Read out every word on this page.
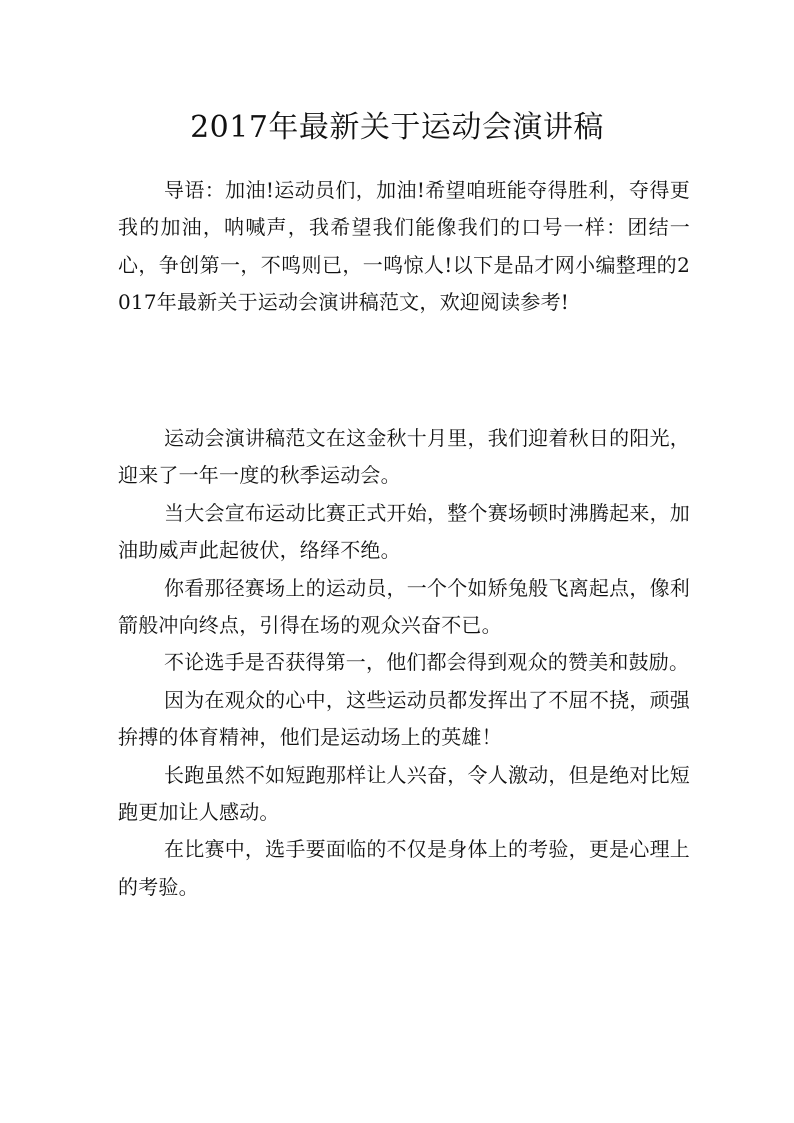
2017年最新关于运动会演讲稿

导语：加油!运动员们，加油!希望咱班能夺得胜利，夺得更我的加油，呐喊声，我希望我们能像我们的口号一样：团结一心，争创第一，不鸣则已，一鸣惊人!以下是品才网小编整理的2017年最新关于运动会演讲稿范文，欢迎阅读参考!

运动会演讲稿范文在这金秋十月里，我们迎着秋日的阳光，迎来了一年一度的秋季运动会。

当大会宣布运动比赛正式开始，整个赛场顿时沸腾起来，加油助威声此起彼伏，络绎不绝。

你看那径赛场上的运动员，一个个如矫兔般飞离起点，像利箭般冲向终点，引得在场的观众兴奋不已。

不论选手是否获得第一，他们都会得到观众的赞美和鼓励。

因为在观众的心中，这些运动员都发挥出了不屈不挠，顽强拚搏的体育精神，他们是运动场上的英雄！

长跑虽然不如短跑那样让人兴奋，令人激动，但是绝对比短跑更加让人感动。

在比赛中，选手要面临的不仅是身体上的考验，更是心理上的考验。
